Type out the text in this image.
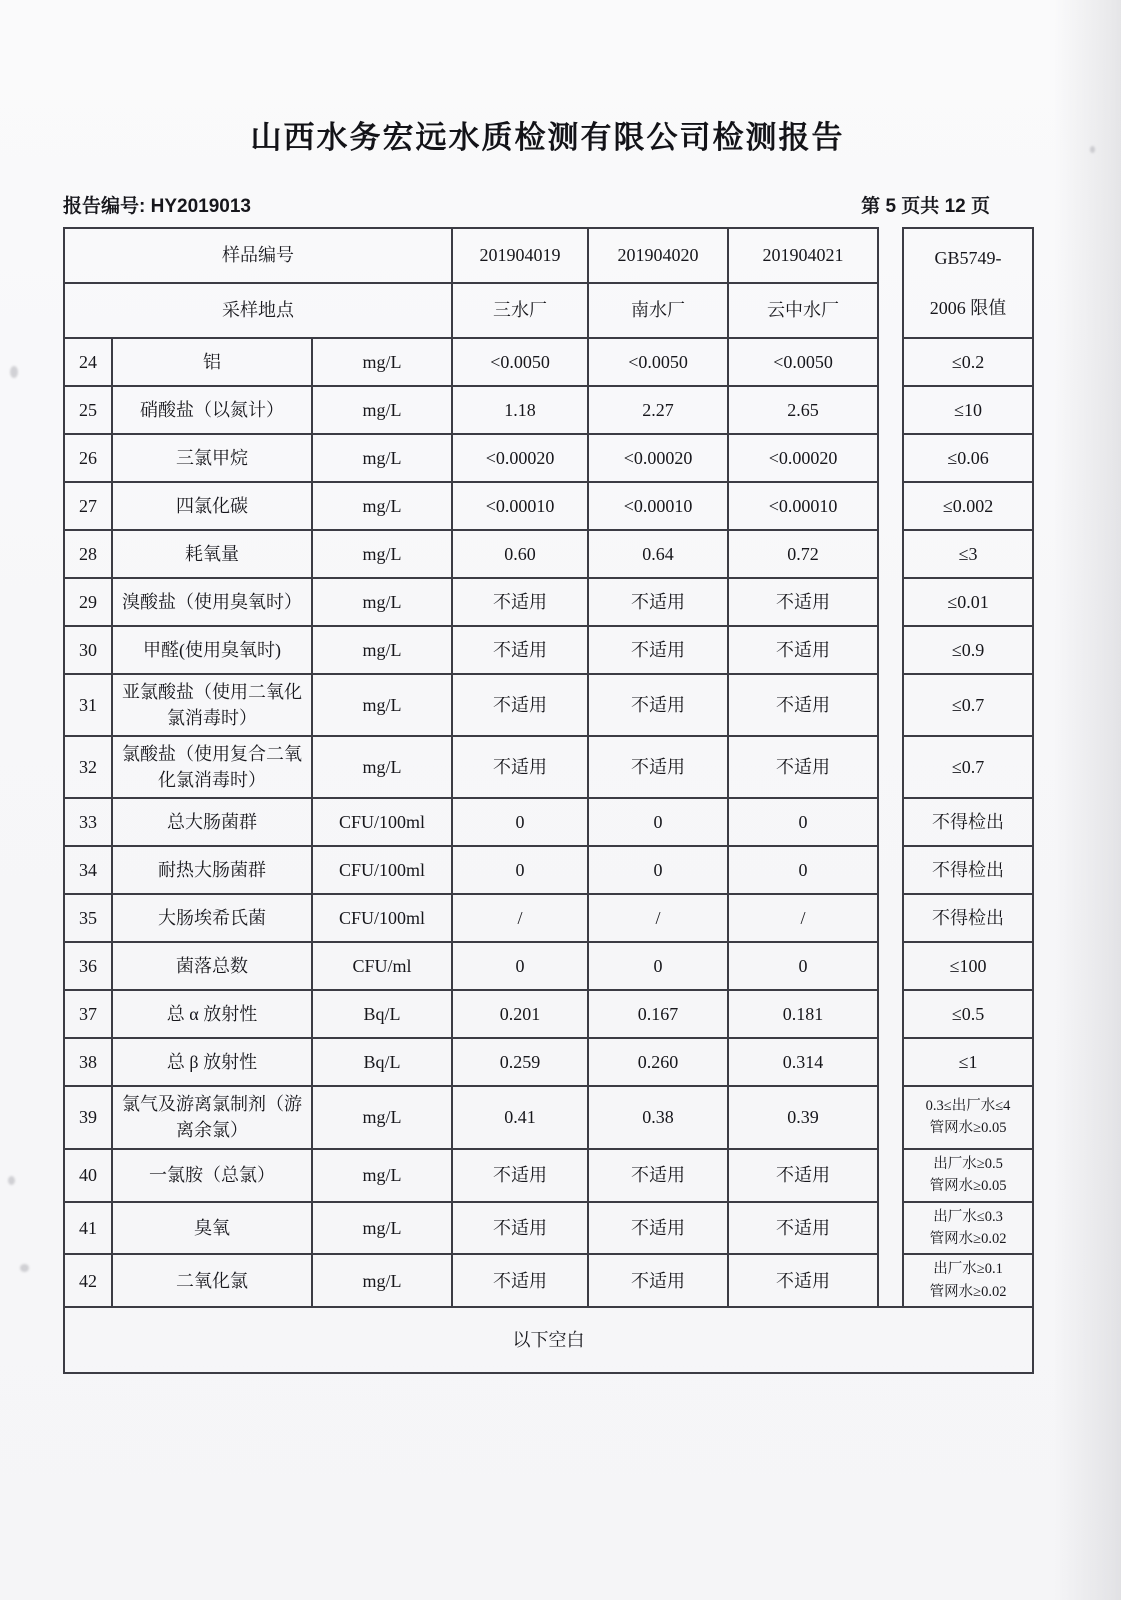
山西水务宏远水质检测有限公司检测报告
报告编号: HY2019013	第 5 页共 12 页
样品编号			201904019	201904020	201904021		GB5749-
2006 限值

采样地点			三水厂	南水厂	云中水厂		
24	铝	mg/L	<0.0050	<0.0050	<0.0050		≤0.2

25	硝酸盐（以氮计）	mg/L	1.18	2.27	2.65		≤10

26	三氯甲烷	mg/L	<0.00020	<0.00020	<0.00020		≤0.06

27	四氯化碳	mg/L	<0.00010	<0.00010	<0.00010		≤0.002

28	耗氧量	mg/L	0.60	0.64	0.72		≤3

29	溴酸盐（使用臭氧时）	mg/L	不适用	不适用	不适用		≤0.01

30	甲醛(使用臭氧时)	mg/L	不适用	不适用	不适用		≤0.9

31	亚氯酸盐（使用二氧化氯消毒时）	mg/L	不适用	不适用	不适用		≤0.7

32	氯酸盐（使用复合二氧化氯消毒时）	mg/L	不适用	不适用	不适用		≤0.7

33	总大肠菌群	CFU/100ml	0	0	0		不得检出

34	耐热大肠菌群	CFU/100ml	0	0	0		不得检出

35	大肠埃希氏菌	CFU/100ml	/	/	/		不得检出

36	菌落总数	CFU/ml	0	0	0		≤100

37	总 α 放射性	Bq/L	0.201	0.167	0.181		≤0.5

38	总 β 放射性	Bq/L	0.259	0.260	0.314		≤1

39	氯气及游离氯制剂（游离余氯）	mg/L	0.41	0.38	0.39		0.3≤出厂水≤4
管网水≥0.05

40	一氯胺（总氯）	mg/L	不适用	不适用	不适用		出厂水≥0.5
管网水≥0.05

41	臭氧	mg/L	不适用	不适用	不适用		出厂水≤0.3
管网水≥0.02

42	二氧化氯	mg/L	不适用	不适用	不适用		出厂水≥0.1
管网水≥0.02

以下空白							
